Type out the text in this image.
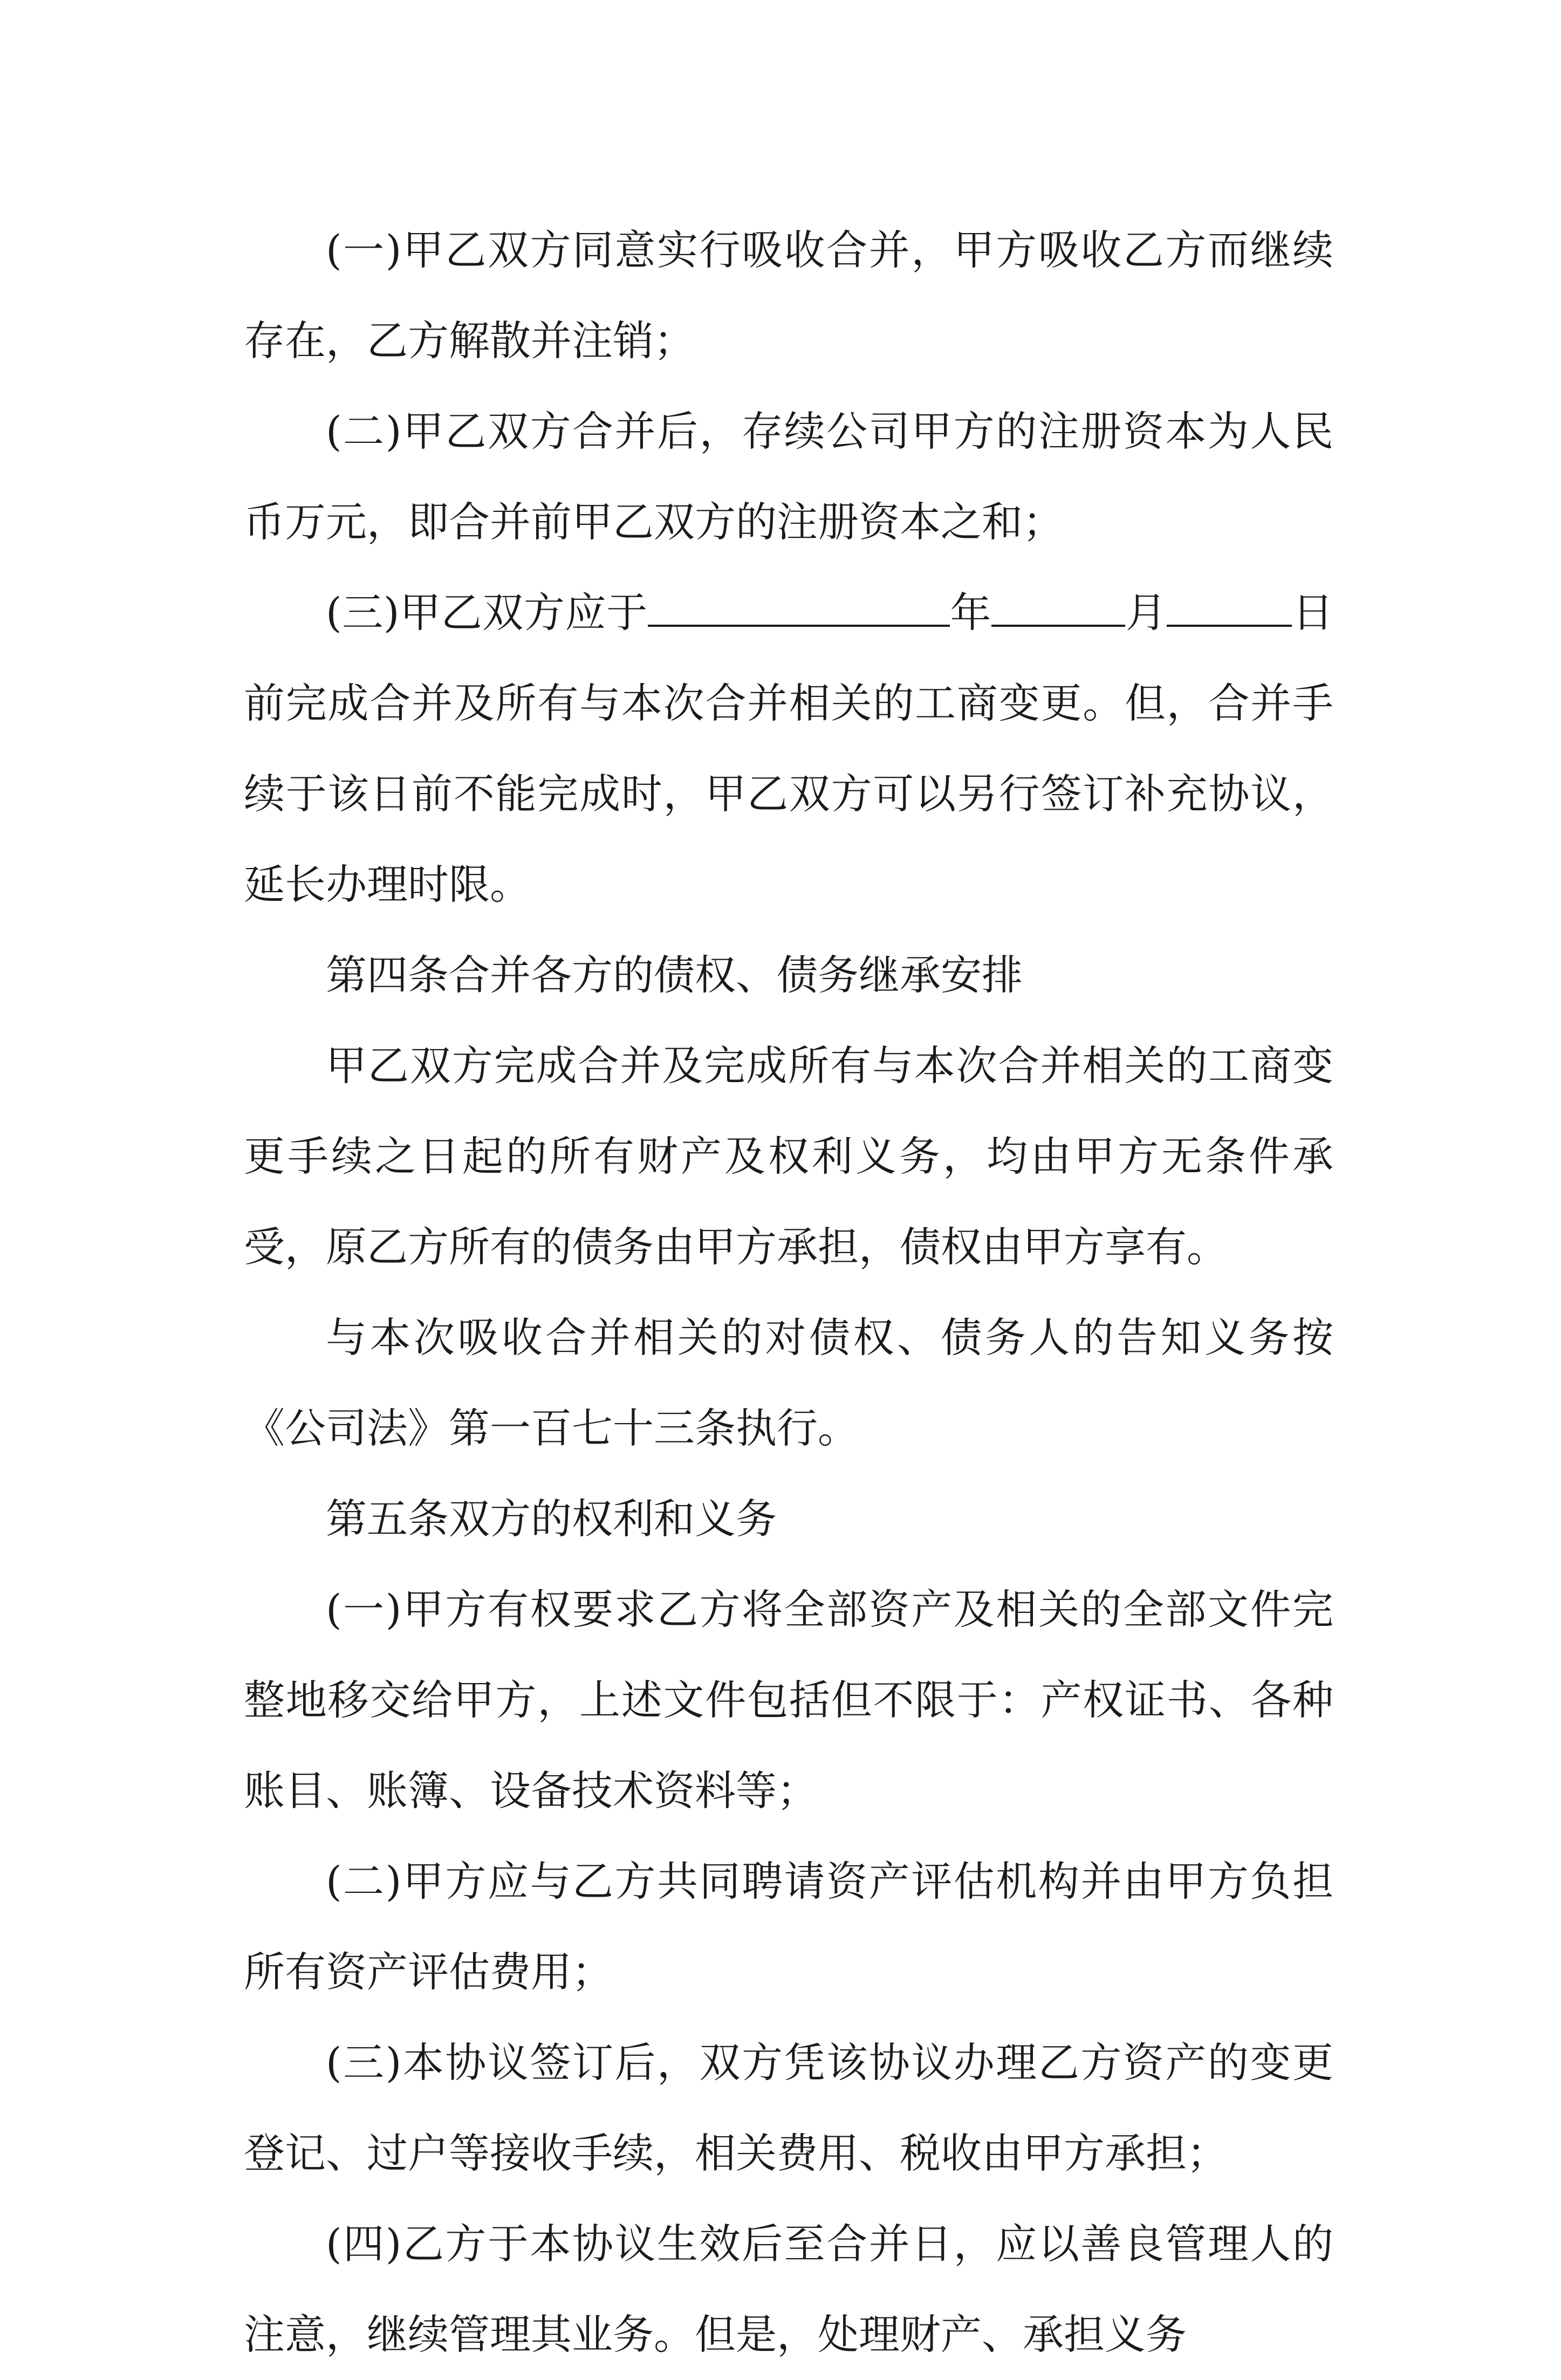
(一)甲乙双方同意实行吸收合并，甲方吸收乙方而继续存在，乙方解散并注销；

(二)甲乙双方合并后，存续公司甲方的注册资本为人民币万元，即合并前甲乙双方的注册资本之和；

(三)甲乙双方应于	年	月	日前完成合并及所有与本次合并相关的工商变更。但，合并手续于该日前不能完成时，甲乙双方可以另行签订补充协议，延长办理时限。

第四条合并各方的债权、债务继承安排

甲乙双方完成合并及完成所有与本次合并相关的工商变更手续之日起的所有财产及权利义务，均由甲方无条件承受，原乙方所有的债务由甲方承担，债权由甲方享有。

与本次吸收合并相关的对债权、债务人的告知义务按《公司法》第一百七十三条执行。

第五条双方的权利和义务

(一)甲方有权要求乙方将全部资产及相关的全部文件完整地移交给甲方，上述文件包括但不限于：产权证书、各种账目、账簿、设备技术资料等；

(二)甲方应与乙方共同聘请资产评估机构并由甲方负担所有资产评估费用；

(三)本协议签订后，双方凭该协议办理乙方资产的变更登记、过户等接收手续，相关费用、税收由甲方承担；

(四)乙方于本协议生效后至合并日，应以善良管理人的注意，继续管理其业务。但是，处理财产、承担义务
